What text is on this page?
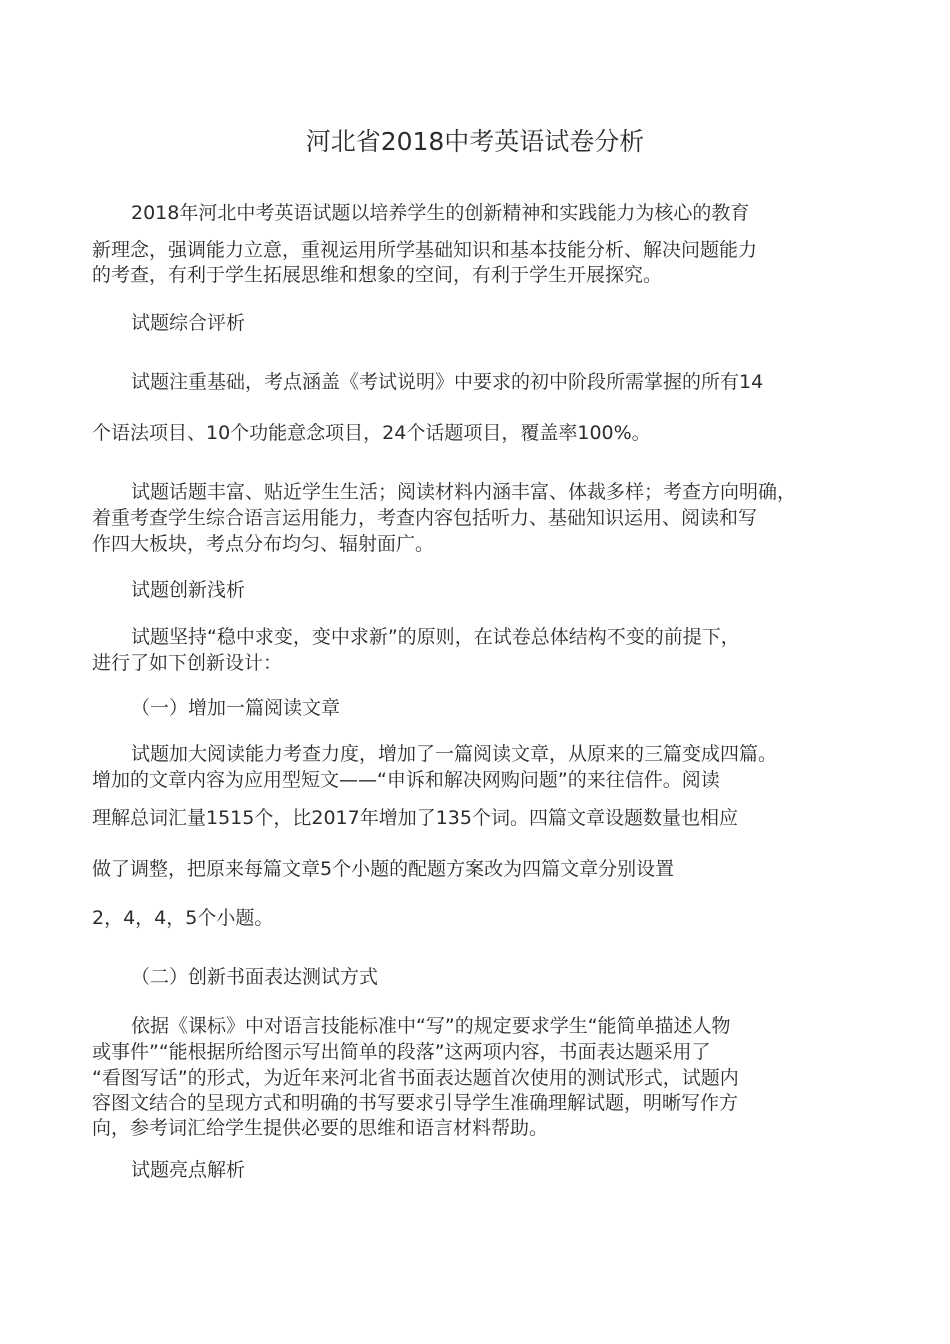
河北省2018中考英语试卷分析

2018年河北中考英语试题以培养学生的创新精神和实践能力为核心的教育

新理念，强调能力立意，重视运用所学基础知识和基本技能分析、解决问题能力

的考查，有利于学生拓展思维和想象的空间，有利于学生开展探究。

试题综合评析

试题注重基础，考点涵盖《考试说明》中要求的初中阶段所需掌握的所有14

个语法项目、10个功能意念项目，24个话题项目，覆盖率100%。

试题话题丰富、贴近学生生活；阅读材料内涵丰富、体裁多样；考查方向明确，

着重考查学生综合语言运用能力，考查内容包括听力、基础知识运用、阅读和写

作四大板块，考点分布均匀、辐射面广。

试题创新浅析

试题坚持“稳中求变，变中求新”的原则，在试卷总体结构不变的前提下，

进行了如下创新设计：

（一）增加一篇阅读文章

试题加大阅读能力考查力度，增加了一篇阅读文章，从原来的三篇变成四篇。

增加的文章内容为应用型短文——“申诉和解决网购问题”的来往信件。阅读

理解总词汇量1515个，比2017年增加了135个词。四篇文章设题数量也相应

做了调整，把原来每篇文章5个小题的配题方案改为四篇文章分别设置

2，4，4，5个小题。

（二）创新书面表达测试方式

依据《课标》中对语言技能标准中“写”的规定要求学生“能简单描述人物

或事件”“能根据所给图示写出简单的段落”这两项内容，书面表达题采用了

“看图写话”的形式，为近年来河北省书面表达题首次使用的测试形式，试题内

容图文结合的呈现方式和明确的书写要求引导学生准确理解试题，明晰写作方

向，参考词汇给学生提供必要的思维和语言材料帮助。

试题亮点解析
